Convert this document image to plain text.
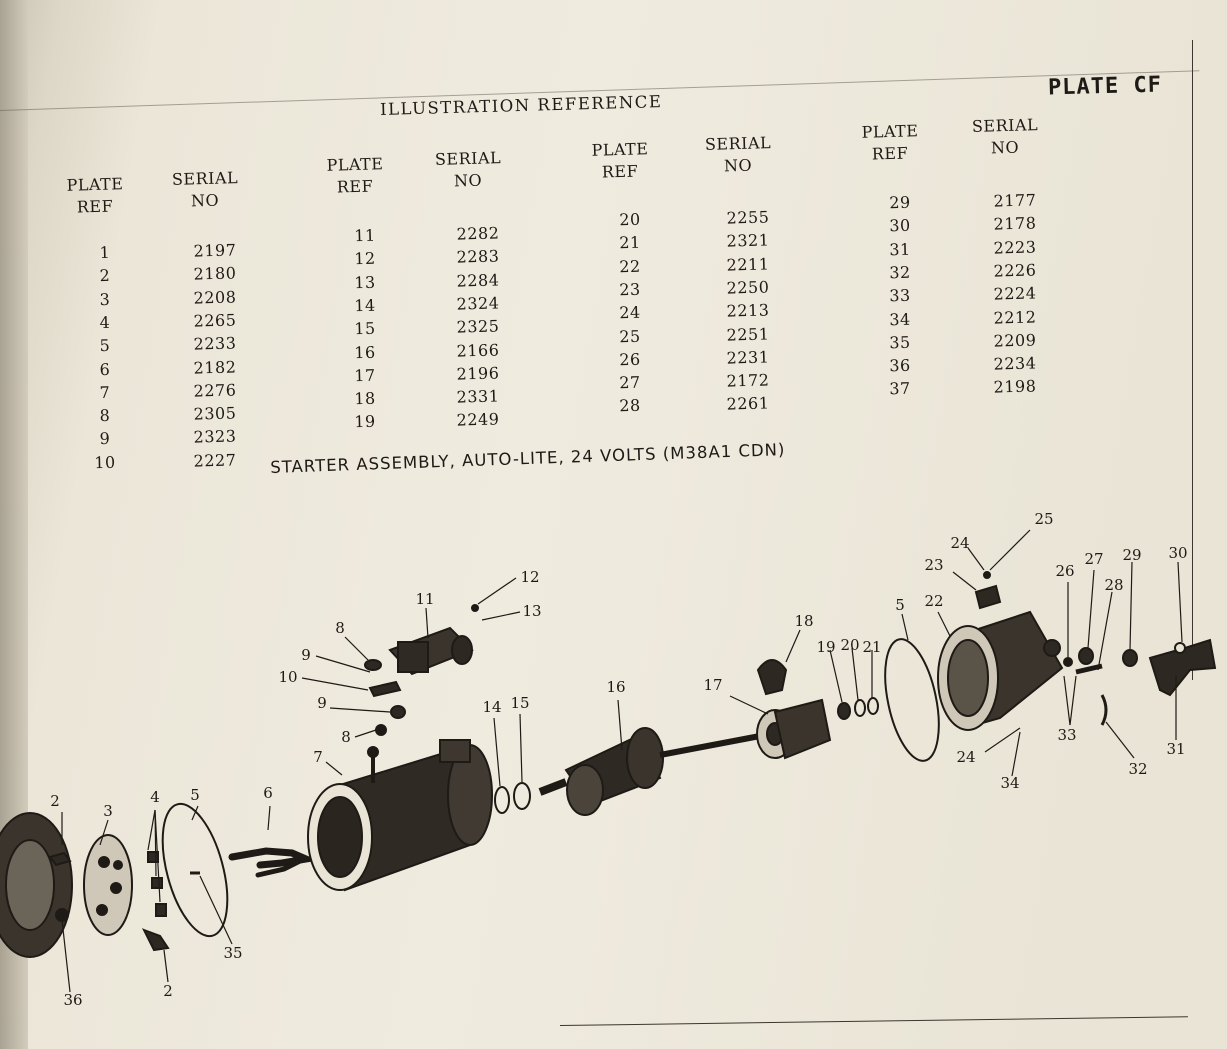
PLATE CF
ILLUSTRATION REFERENCE
PLATE
REF
SERIAL
NO
1	2197
2	2180
3	2208
4	2265
5	2233
6	2182
7	2276
8	2305
9	2323
10	2227
PLATE
REF
SERIAL
NO
11	2282
12	2283
13	2284
14	2324
15	2325
16	2166
17	2196
18	2331
19	2249
PLATE
REF
SERIAL
NO
20	2255
21	2321
22	2211
23	2250
24	2213
25	2251
26	2231
27	2172
28	2261
PLATE
REF
SERIAL
NO
29	2177
30	2178
31	2223
32	2226
33	2224
34	2212
35	2209
36	2234
37	2198
STARTER ASSEMBLY, AUTO-LITE, 24 VOLTS (M38A1 CDN)
2
3
4 5	6
35
36	2
7
8
9
10
9
8
11
12
13
14 15
16	17
18
19 20 21
5 22
23
24
25
24
34
26
27
28
29 30
33
32
31
